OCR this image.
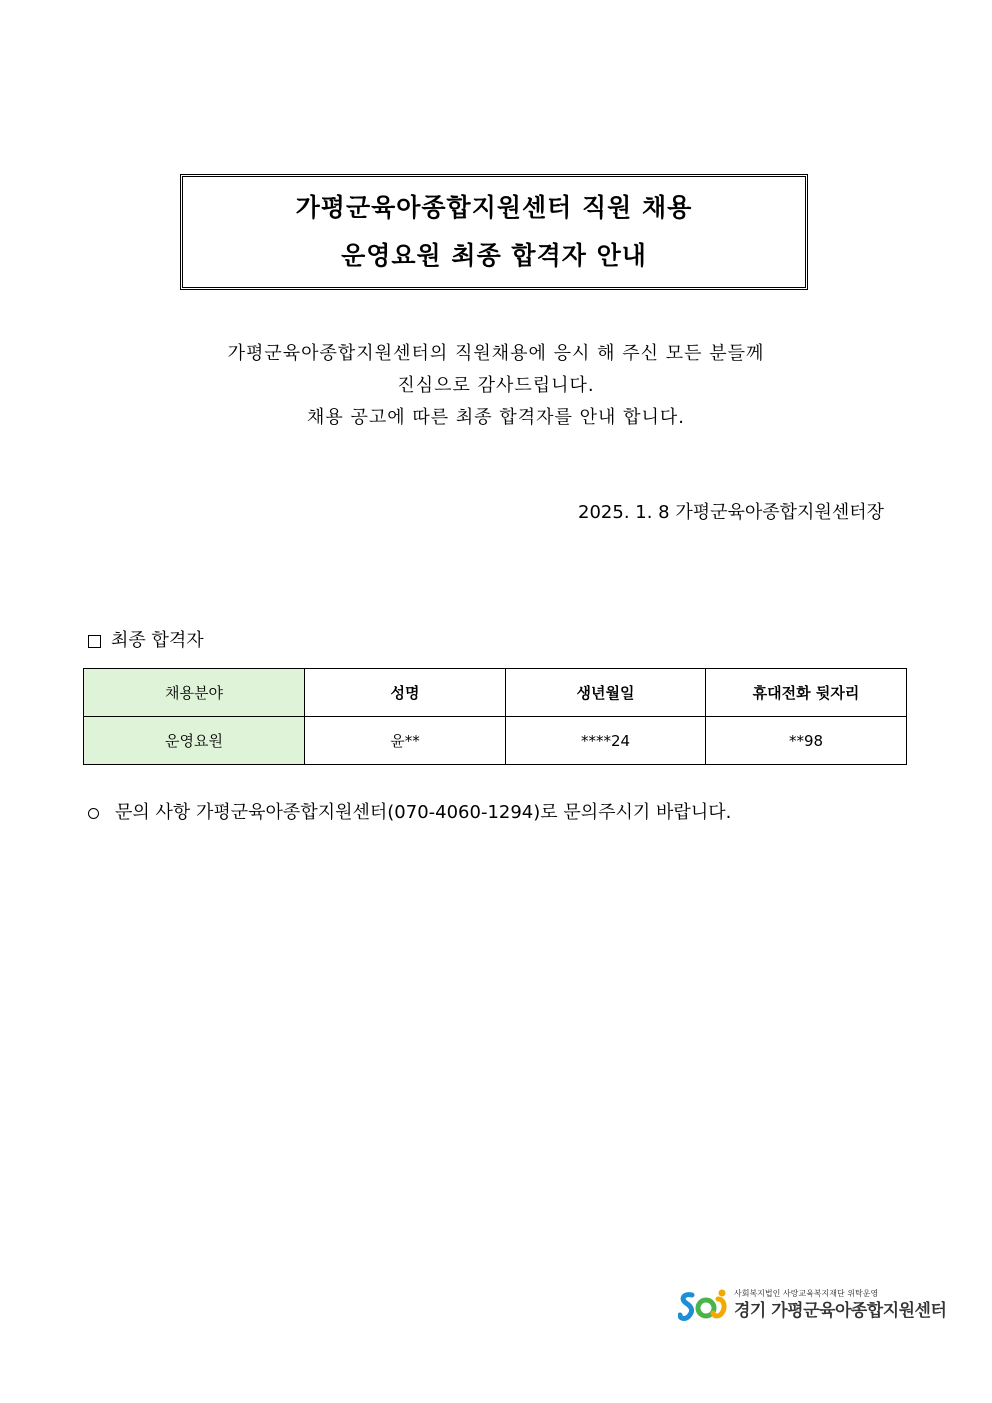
가평군육아종합지원센터 직원 채용
운영요원 최종 합격자 안내
가평군육아종합지원센터의 직원채용에 응시 해 주신 모든 분들께
진심으로 감사드립니다.
채용 공고에 따른 최종 합격자를 안내 합니다.
2025. 1. 8 가평군육아종합지원센터장
최종 합격자
채용분야	성명	생년월일	휴대전화 뒷자리
운영요원	윤**	****24	**98
문의 사항 가평군육아종합지원센터(070-4060-1294)로 문의주시기 바랍니다.
사회복지법인 사랑교육복지재단 위탁운영
경기 가평군육아종합지원센터
